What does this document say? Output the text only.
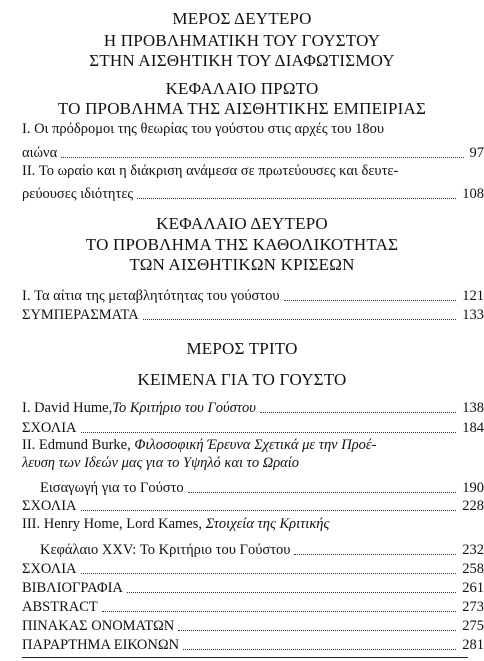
ΜΕΡΟΣ ΔΕΥΤΕΡΟ
Η ΠΡΟΒΛΗΜΑΤΙΚΗ ΤΟΥ ΓΟΥΣΤΟΥ
ΣΤΗΝ ΑΙΣΘΗΤΙΚΗ ΤΟΥ ΔΙΑΦΩΤΙΣΜΟΥ
ΚΕΦΑΛΑΙΟ ΠΡΩΤΟ
ΤΟ ΠΡΟΒΛΗΜΑ ΤΗΣ ΑΙΣΘΗΤΙΚΗΣ ΕΜΠΕΙΡΙΑΣ
I. Οι πρόδρομοι της θεωρίας του γούστου στις αρχές του 18ου
αιώνα	97
II. Το ωραίο και η διάκριση ανάμεσα σε πρωτεύουσες και δευτε-
ρεύουσες ιδιότητες	108
ΚΕΦΑΛΑΙΟ ΔΕΥΤΕΡΟ
ΤΟ ΠΡΟΒΛΗΜΑ ΤΗΣ ΚΑΘΟΛΙΚΟΤΗΤΑΣ
ΤΩΝ ΑΙΣΘΗΤΙΚΩΝ ΚΡΙΣΕΩΝ
I. Τα αίτια της μεταβλητότητας του γούστου	121
ΣΥΜΠΕΡΑΣΜΑΤΑ	133
ΜΕΡΟΣ ΤΡΙΤΟ
ΚΕΙΜΕΝΑ ΓΙΑ ΤΟ ΓΟΥΣΤΟ
I. David Hume, Το Κριτήριο του Γούστου	138
ΣΧΟΛΙΑ	184
II. Edmund Burke, Φιλοσοφική Έρευνα Σχετικά με την Προέ-
λευση των Ιδεών μας για το Υψηλό και το Ωραίο
Εισαγωγή για το Γούστο	190
ΣΧΟΛΙΑ	228
III. Henry Home, Lord Kames, Στοιχεία της Κριτικής
Κεφάλαιο XXV: Το Κριτήριο του Γούστου	232
ΣΧΟΛΙΑ	258
ΒΙΒΛΙΟΓΡΑΦΙΑ	261
ABSTRACT	273
ΠΙΝΑΚΑΣ ΟΝΟΜΑΤΩΝ	275
ΠΑΡΑΡΤΗΜΑ ΕΙΚΟΝΩΝ	281
